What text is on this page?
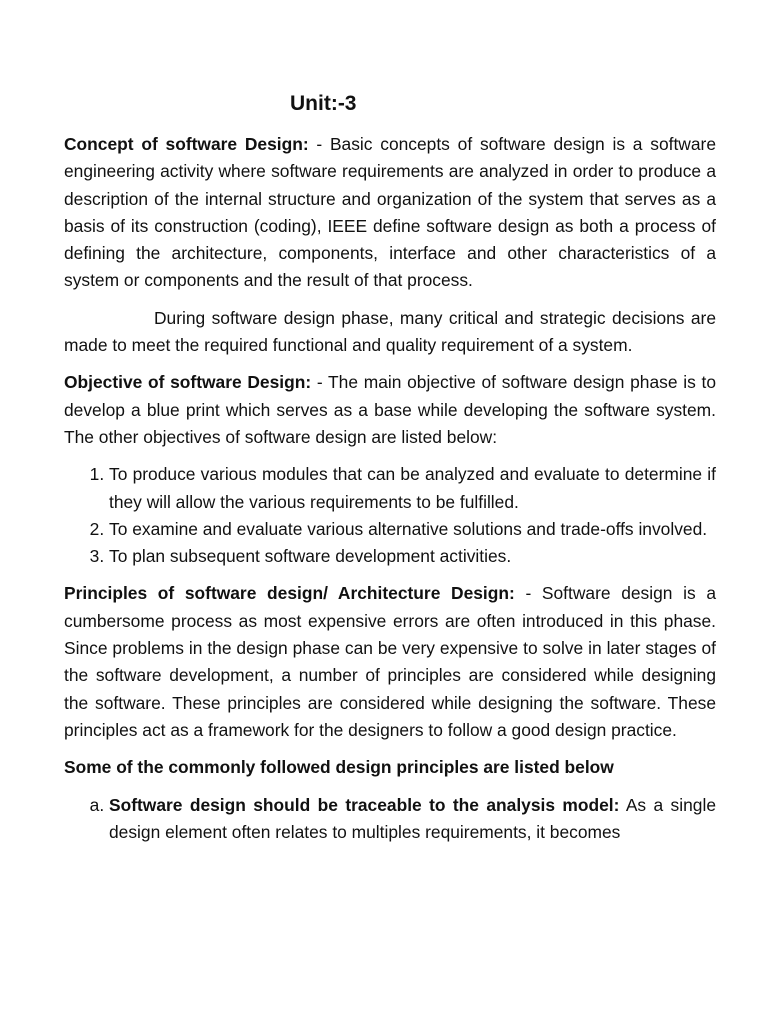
Unit:-3

Concept of software Design: - Basic concepts of software design is a software engineering activity where software requirements are analyzed in order to produce a description of the internal structure and organization of the system that serves as a basis of its construction (coding), IEEE define software design as both a process of defining the architecture, components, interface and other characteristics of a system or components and the result of that process.

During software design phase, many critical and strategic decisions are made to meet the required functional and quality requirement of a system.

Objective of software Design: - The main objective of software design phase is to develop a blue print which serves as a base while developing the software system. The other objectives of software design are listed below:

1. To produce various modules that can be analyzed and evaluate to determine if they will allow the various requirements to be fulfilled.
2. To examine and evaluate various alternative solutions and trade-offs involved.
3. To plan subsequent software development activities.

Principles of software design/ Architecture Design: - Software design is a cumbersome process as most expensive errors are often introduced in this phase. Since problems in the design phase can be very expensive to solve in later stages of the software development, a number of principles are considered while designing the software. These principles are considered while designing the software. These principles act as a framework for the designers to follow a good design practice.

Some of the commonly followed design principles are listed below

a. Software design should be traceable to the analysis model: As a single design element often relates to multiples requirements, it becomes
